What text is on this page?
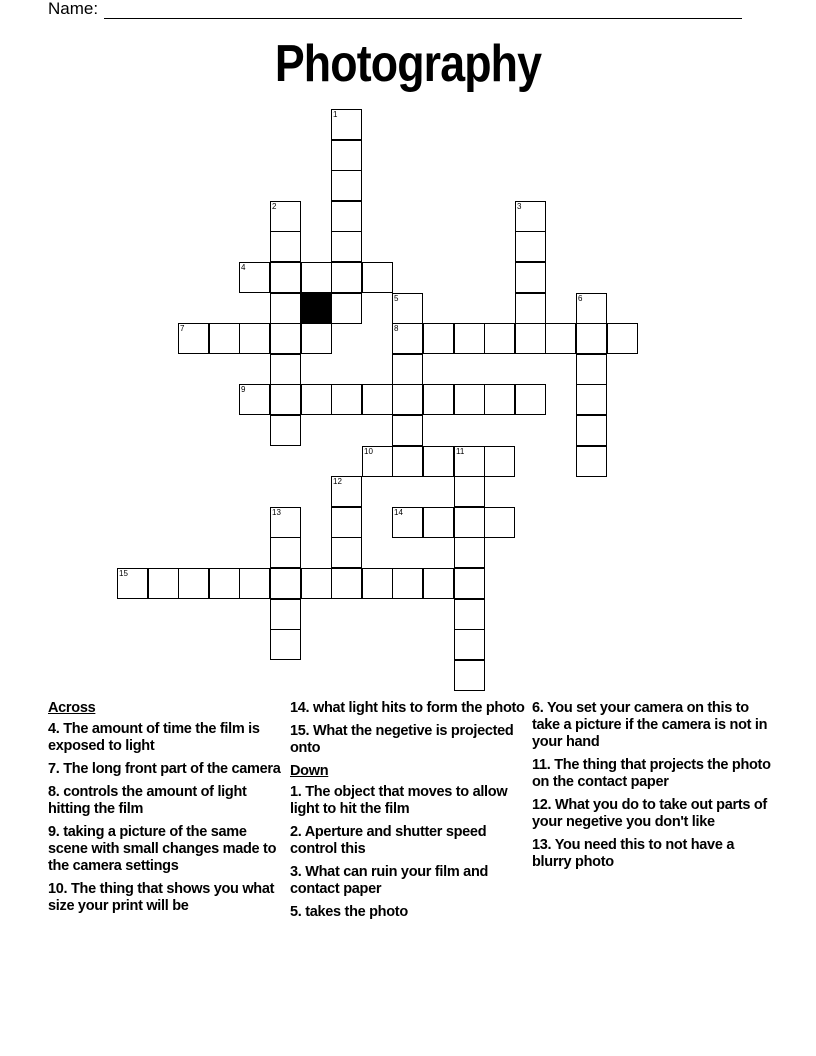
Name:
Photography
1
2	3
4
5	6
7	8
9
10	11
12
13	14
15
Across
4. The amount of time the film is exposed to light
7. The long front part of the camera
8. controls the amount of light hitting the film
9. taking a picture of the same scene with small changes made to the camera settings
10. The thing that shows you what size your print will be
14. what light hits to form the photo
15. What the negetive is projected onto
Down
1. The object that moves to allow light to hit the film
2. Aperture and shutter speed control this
3. What can ruin your film and contact paper
5. takes the photo
6. You set your camera on this to take a picture if the camera is not in your hand
11. The thing that projects the photo on the contact paper
12. What you do to take out parts of your negetive you don't like
13. You need this to not have a blurry photo
